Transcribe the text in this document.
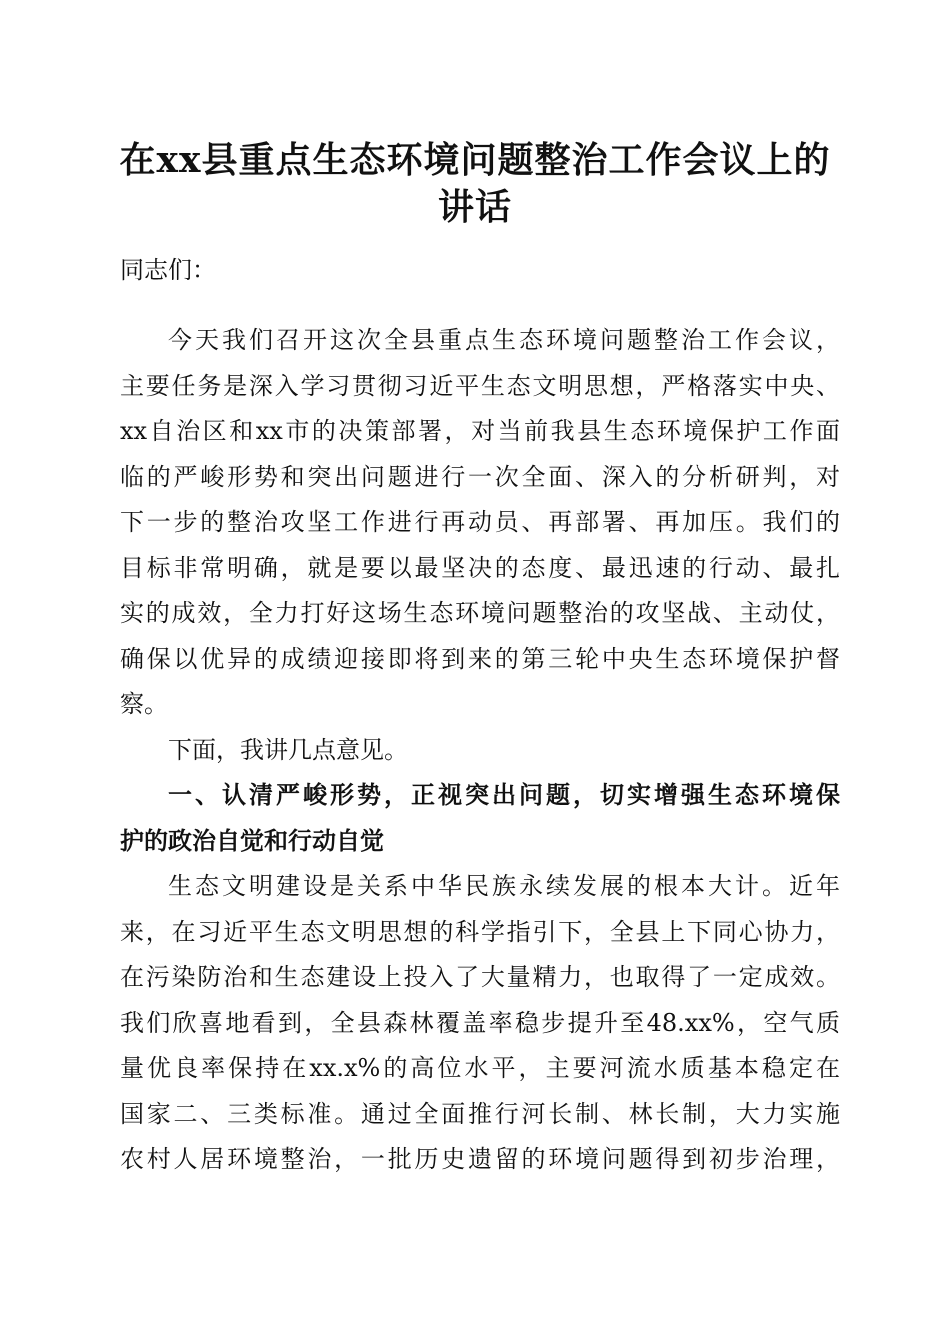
在xx县重点生态环境问题整治工作会议上的
讲话
同志们：
今天我们召开这次全县重点生态环境问题整治工作会议，
主要任务是深入学习贯彻习近平生态文明思想，严格落实中央、
xx自治区和xx市的决策部署，对当前我县生态环境保护工作面
临的严峻形势和突出问题进行一次全面、深入的分析研判，对
下一步的整治攻坚工作进行再动员、再部署、再加压。我们的
目标非常明确，就是要以最坚决的态度、最迅速的行动、最扎
实的成效，全力打好这场生态环境问题整治的攻坚战、主动仗，
确保以优异的成绩迎接即将到来的第三轮中央生态环境保护督
察。
下面，我讲几点意见。
一、认清严峻形势，正视突出问题，切实增强生态环境保
护的政治自觉和行动自觉
生态文明建设是关系中华民族永续发展的根本大计。近年
来，在习近平生态文明思想的科学指引下，全县上下同心协力，
在污染防治和生态建设上投入了大量精力，也取得了一定成效。
我们欣喜地看到，全县森林覆盖率稳步提升至48.xx%，空气质
量优良率保持在xx.x%的高位水平，主要河流水质基本稳定在
国家二、三类标准。通过全面推行河长制、林长制，大力实施
农村人居环境整治，一批历史遗留的环境问题得到初步治理，
